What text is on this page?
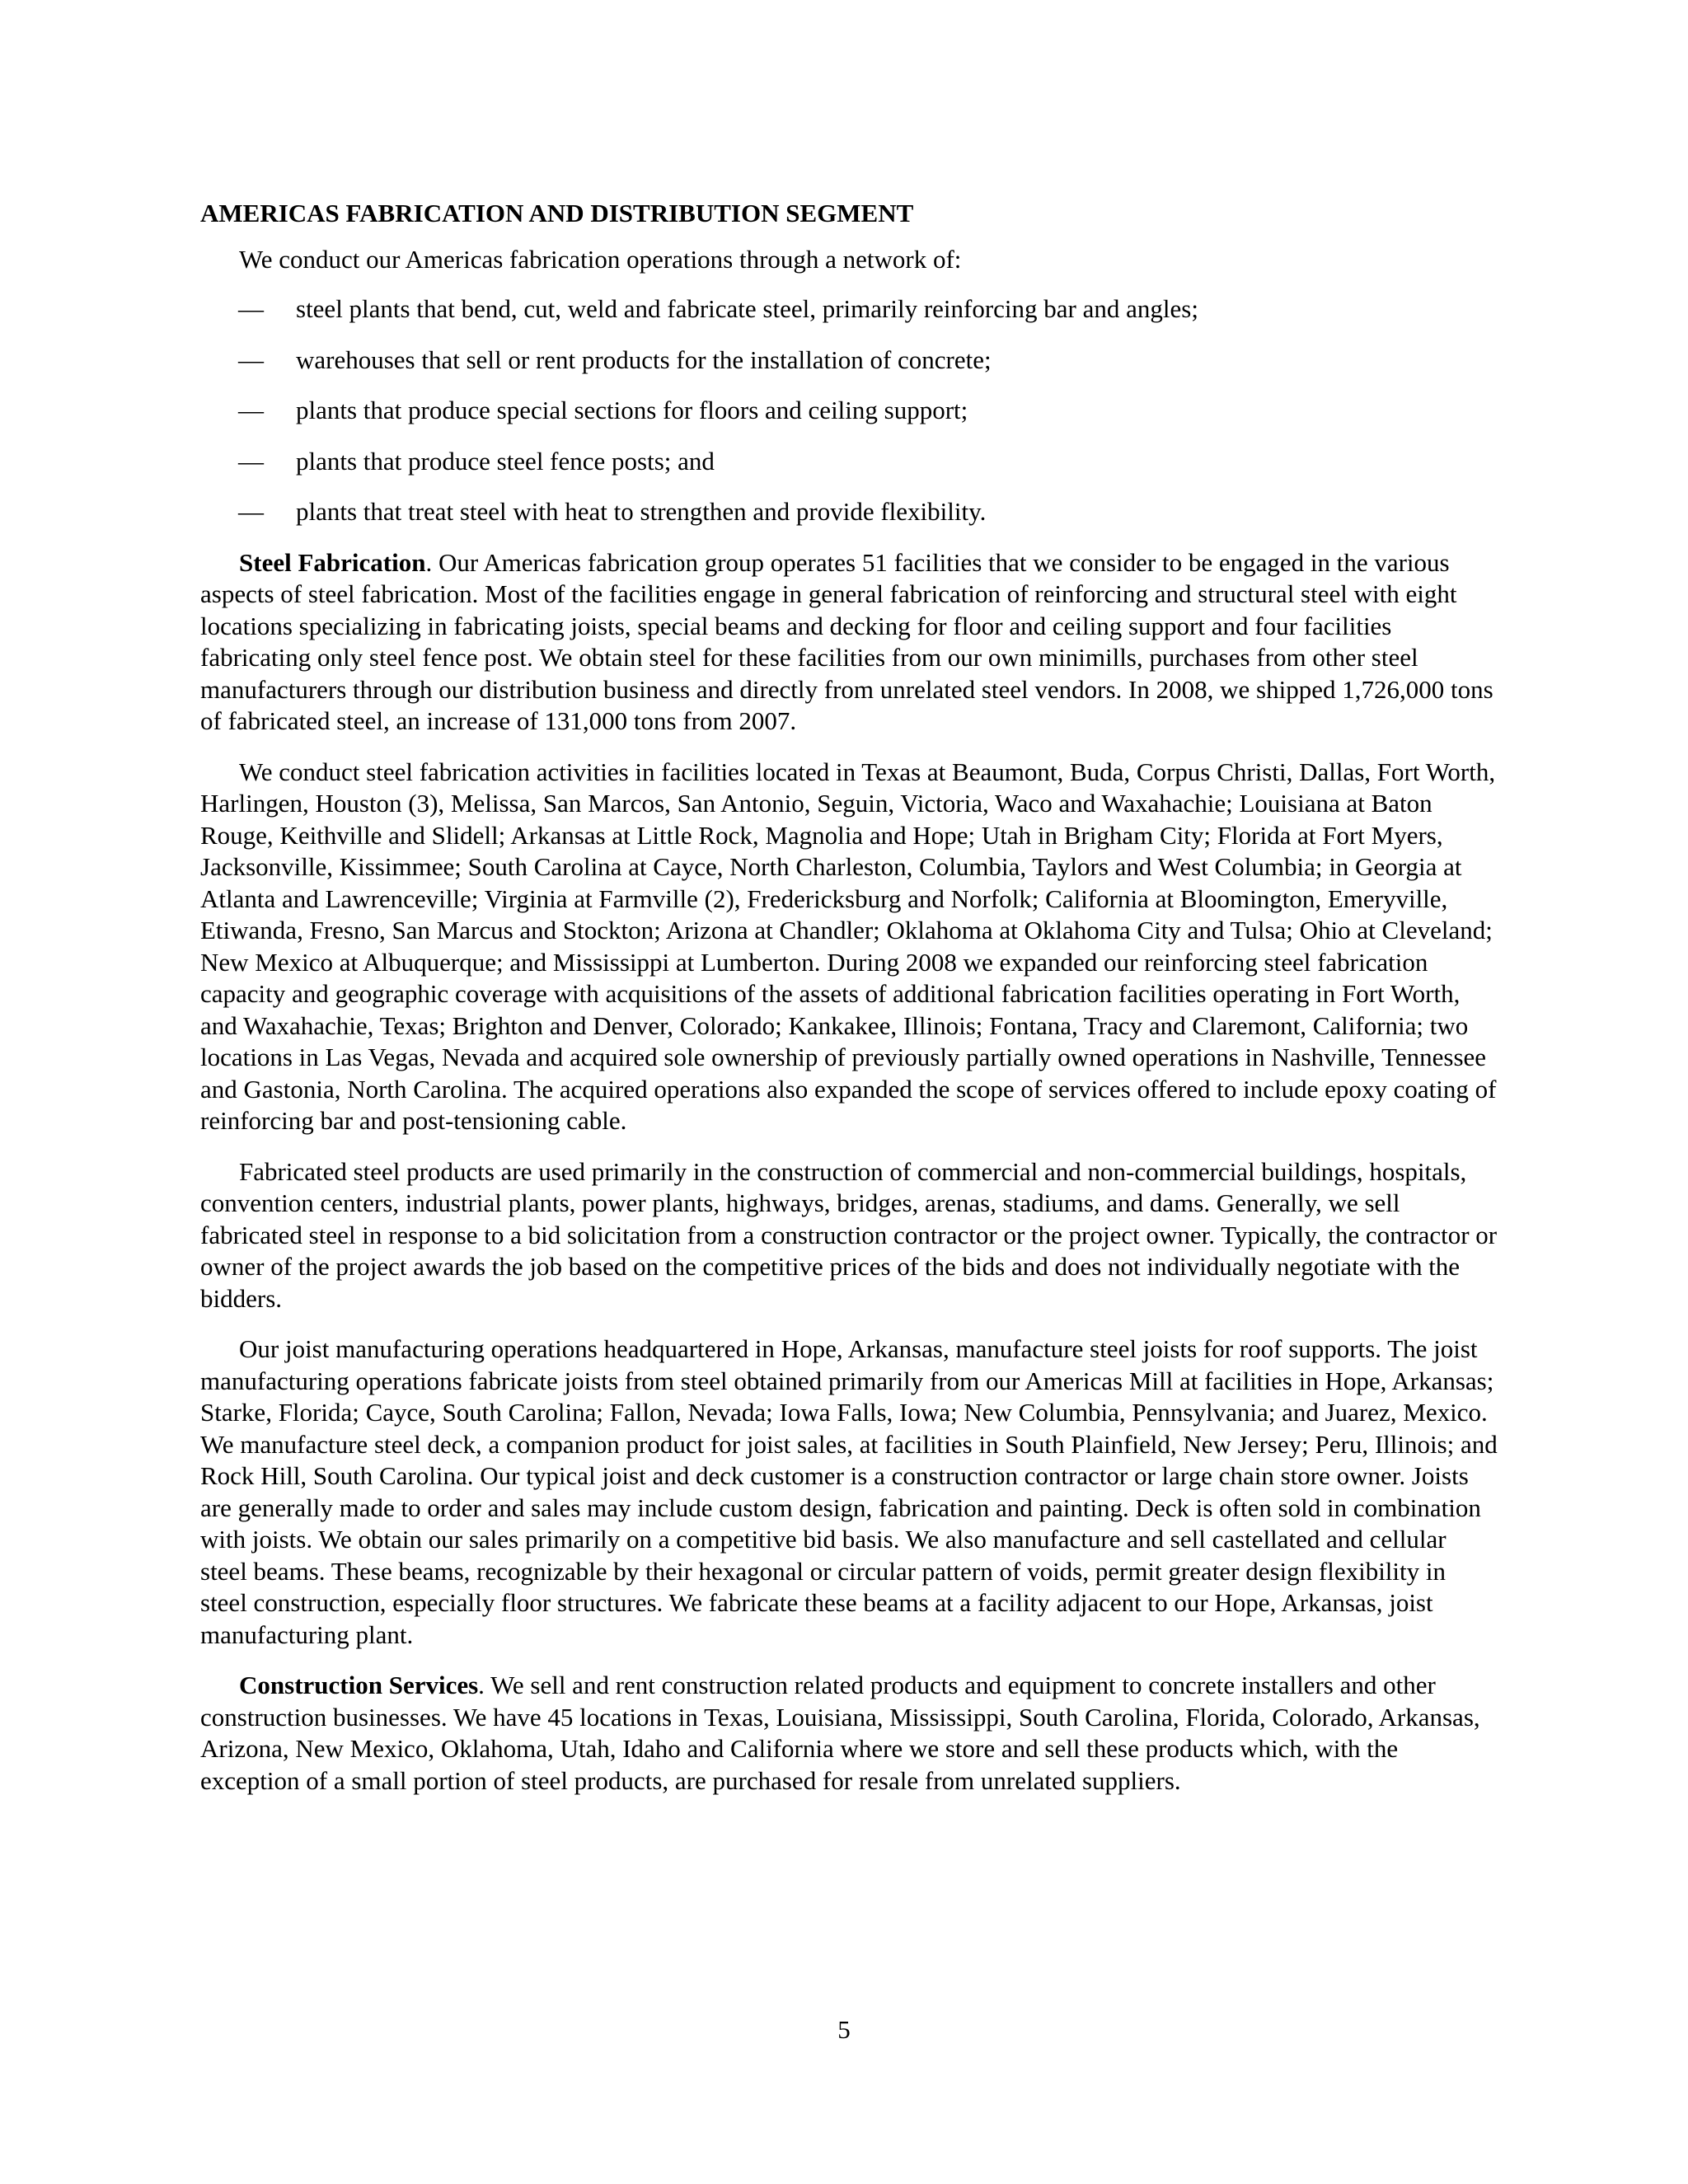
AMERICAS FABRICATION AND DISTRIBUTION SEGMENT

We conduct our Americas fabrication operations through a network of:

—	steel plants that bend, cut, weld and fabricate steel, primarily reinforcing bar and angles;
—	warehouses that sell or rent products for the installation of concrete;
—	plants that produce special sections for floors and ceiling support;
—	plants that produce steel fence posts; and
—	plants that treat steel with heat to strengthen and provide flexibility.

Steel Fabrication. Our Americas fabrication group operates 51 facilities that we consider to be engaged in the various aspects of steel fabrication. Most of the facilities engage in general fabrication of reinforcing and structural steel with eight locations specializing in fabricating joists, special beams and decking for floor and ceiling support and four facilities fabricating only steel fence post. We obtain steel for these facilities from our own minimills, purchases from other steel manufacturers through our distribution business and directly from unrelated steel vendors. In 2008, we shipped 1,726,000 tons of fabricated steel, an increase of 131,000 tons from 2007.

We conduct steel fabrication activities in facilities located in Texas at Beaumont, Buda, Corpus Christi, Dallas, Fort Worth, Harlingen, Houston (3), Melissa, San Marcos, San Antonio, Seguin, Victoria, Waco and Waxahachie; Louisiana at Baton Rouge, Keithville and Slidell; Arkansas at Little Rock, Magnolia and Hope; Utah in Brigham City; Florida at Fort Myers, Jacksonville, Kissimmee; South Carolina at Cayce, North Charleston, Columbia, Taylors and West Columbia; in Georgia at Atlanta and Lawrenceville; Virginia at Farmville (2), Fredericksburg and Norfolk; California at Bloomington, Emeryville, Etiwanda, Fresno, San Marcus and Stockton; Arizona at Chandler; Oklahoma at Oklahoma City and Tulsa; Ohio at Cleveland; New Mexico at Albuquerque; and Mississippi at Lumberton. During 2008 we expanded our reinforcing steel fabrication capacity and geographic coverage with acquisitions of the assets of additional fabrication facilities operating in Fort Worth, and Waxahachie, Texas; Brighton and Denver, Colorado; Kankakee, Illinois; Fontana, Tracy and Claremont, California; two locations in Las Vegas, Nevada and acquired sole ownership of previously partially owned operations in Nashville, Tennessee and Gastonia, North Carolina. The acquired operations also expanded the scope of services offered to include epoxy coating of reinforcing bar and post-tensioning cable.

Fabricated steel products are used primarily in the construction of commercial and non-commercial buildings, hospitals, convention centers, industrial plants, power plants, highways, bridges, arenas, stadiums, and dams. Generally, we sell fabricated steel in response to a bid solicitation from a construction contractor or the project owner. Typically, the contractor or owner of the project awards the job based on the competitive prices of the bids and does not individually negotiate with the bidders.

Our joist manufacturing operations headquartered in Hope, Arkansas, manufacture steel joists for roof supports. The joist manufacturing operations fabricate joists from steel obtained primarily from our Americas Mill at facilities in Hope, Arkansas; Starke, Florida; Cayce, South Carolina; Fallon, Nevada; Iowa Falls, Iowa; New Columbia, Pennsylvania; and Juarez, Mexico. We manufacture steel deck, a companion product for joist sales, at facilities in South Plainfield, New Jersey; Peru, Illinois; and Rock Hill, South Carolina. Our typical joist and deck customer is a construction contractor or large chain store owner. Joists are generally made to order and sales may include custom design, fabrication and painting. Deck is often sold in combination with joists. We obtain our sales primarily on a competitive bid basis. We also manufacture and sell castellated and cellular steel beams. These beams, recognizable by their hexagonal or circular pattern of voids, permit greater design flexibility in steel construction, especially floor structures. We fabricate these beams at a facility adjacent to our Hope, Arkansas, joist manufacturing plant.

Construction Services. We sell and rent construction related products and equipment to concrete installers and other construction businesses. We have 45 locations in Texas, Louisiana, Mississippi, South Carolina, Florida, Colorado, Arkansas, Arizona, New Mexico, Oklahoma, Utah, Idaho and California where we store and sell these products which, with the exception of a small portion of steel products, are purchased for resale from unrelated suppliers.

5
